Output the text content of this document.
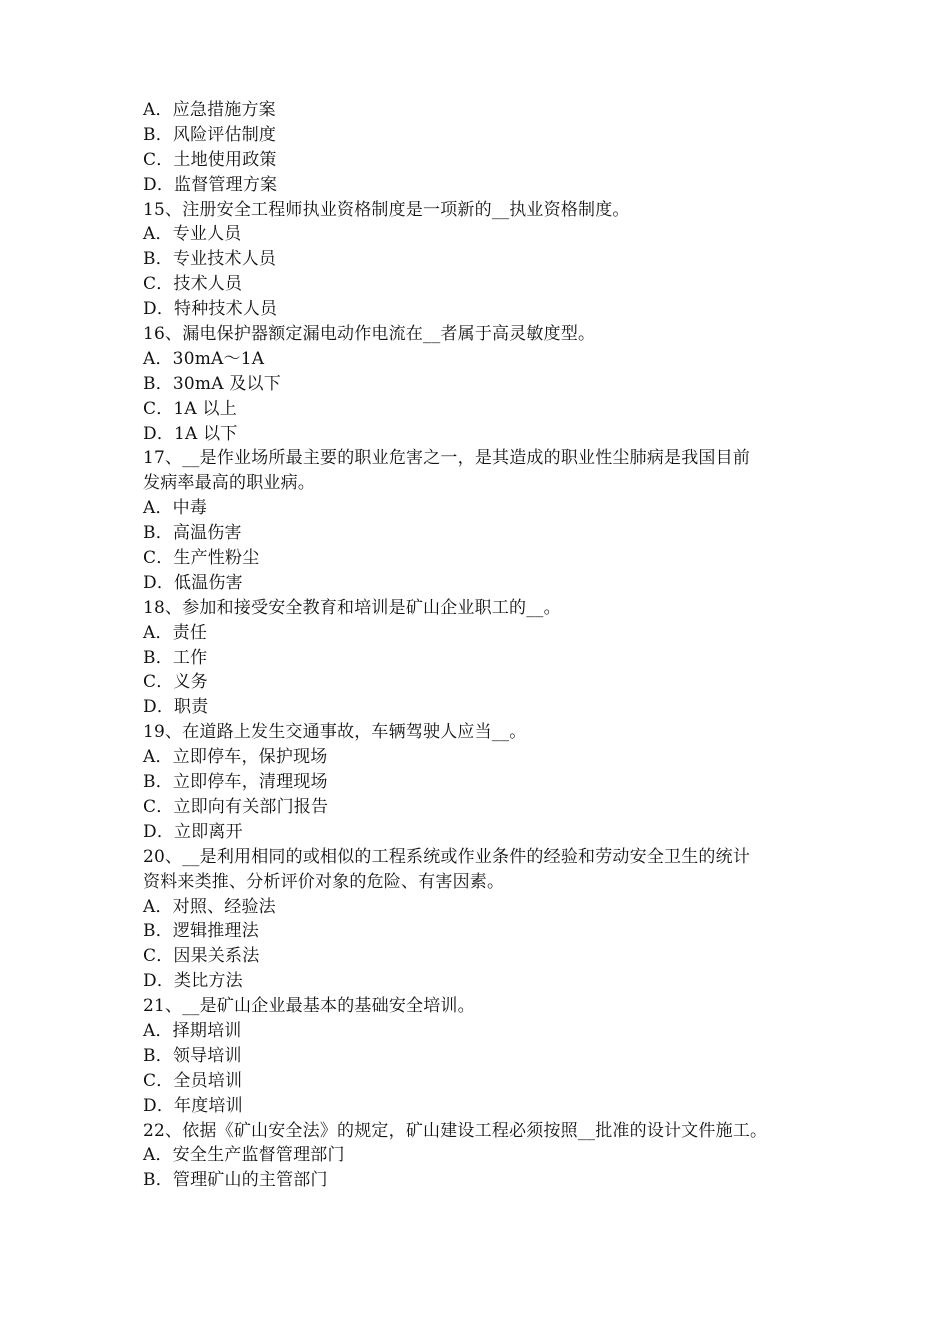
A．应急措施方案
B．风险评估制度
C．土地使用政策
D．监督管理方案
15、注册安全工程师执业资格制度是一项新的__执业资格制度。
A．专业人员
B．专业技术人员
C．技术人员
D．特种技术人员
16、漏电保护器额定漏电动作电流在__者属于高灵敏度型。
A．30mA～1A
B．30mA 及以下
C．1A 以上
D．1A 以下
17、__是作业场所最主要的职业危害之一，是其造成的职业性尘肺病是我国目前
发病率最高的职业病。
A．中毒
B．高温伤害
C．生产性粉尘
D．低温伤害
18、参加和接受安全教育和培训是矿山企业职工的__。
A．责任
B．工作
C．义务
D．职责
19、在道路上发生交通事故，车辆驾驶人应当__。
A．立即停车，保护现场
B．立即停车，清理现场
C．立即向有关部门报告
D．立即离开
20、__是利用相同的或相似的工程系统或作业条件的经验和劳动安全卫生的统计
资料来类推、分析评价对象的危险、有害因素。
A．对照、经验法
B．逻辑推理法
C．因果关系法
D．类比方法
21、__是矿山企业最基本的基础安全培训。
A．择期培训
B．领导培训
C．全员培训
D．年度培训
22、依据《矿山安全法》的规定，矿山建设工程必须按照__批准的设计文件施工。
A．安全生产监督管理部门
B．管理矿山的主管部门
